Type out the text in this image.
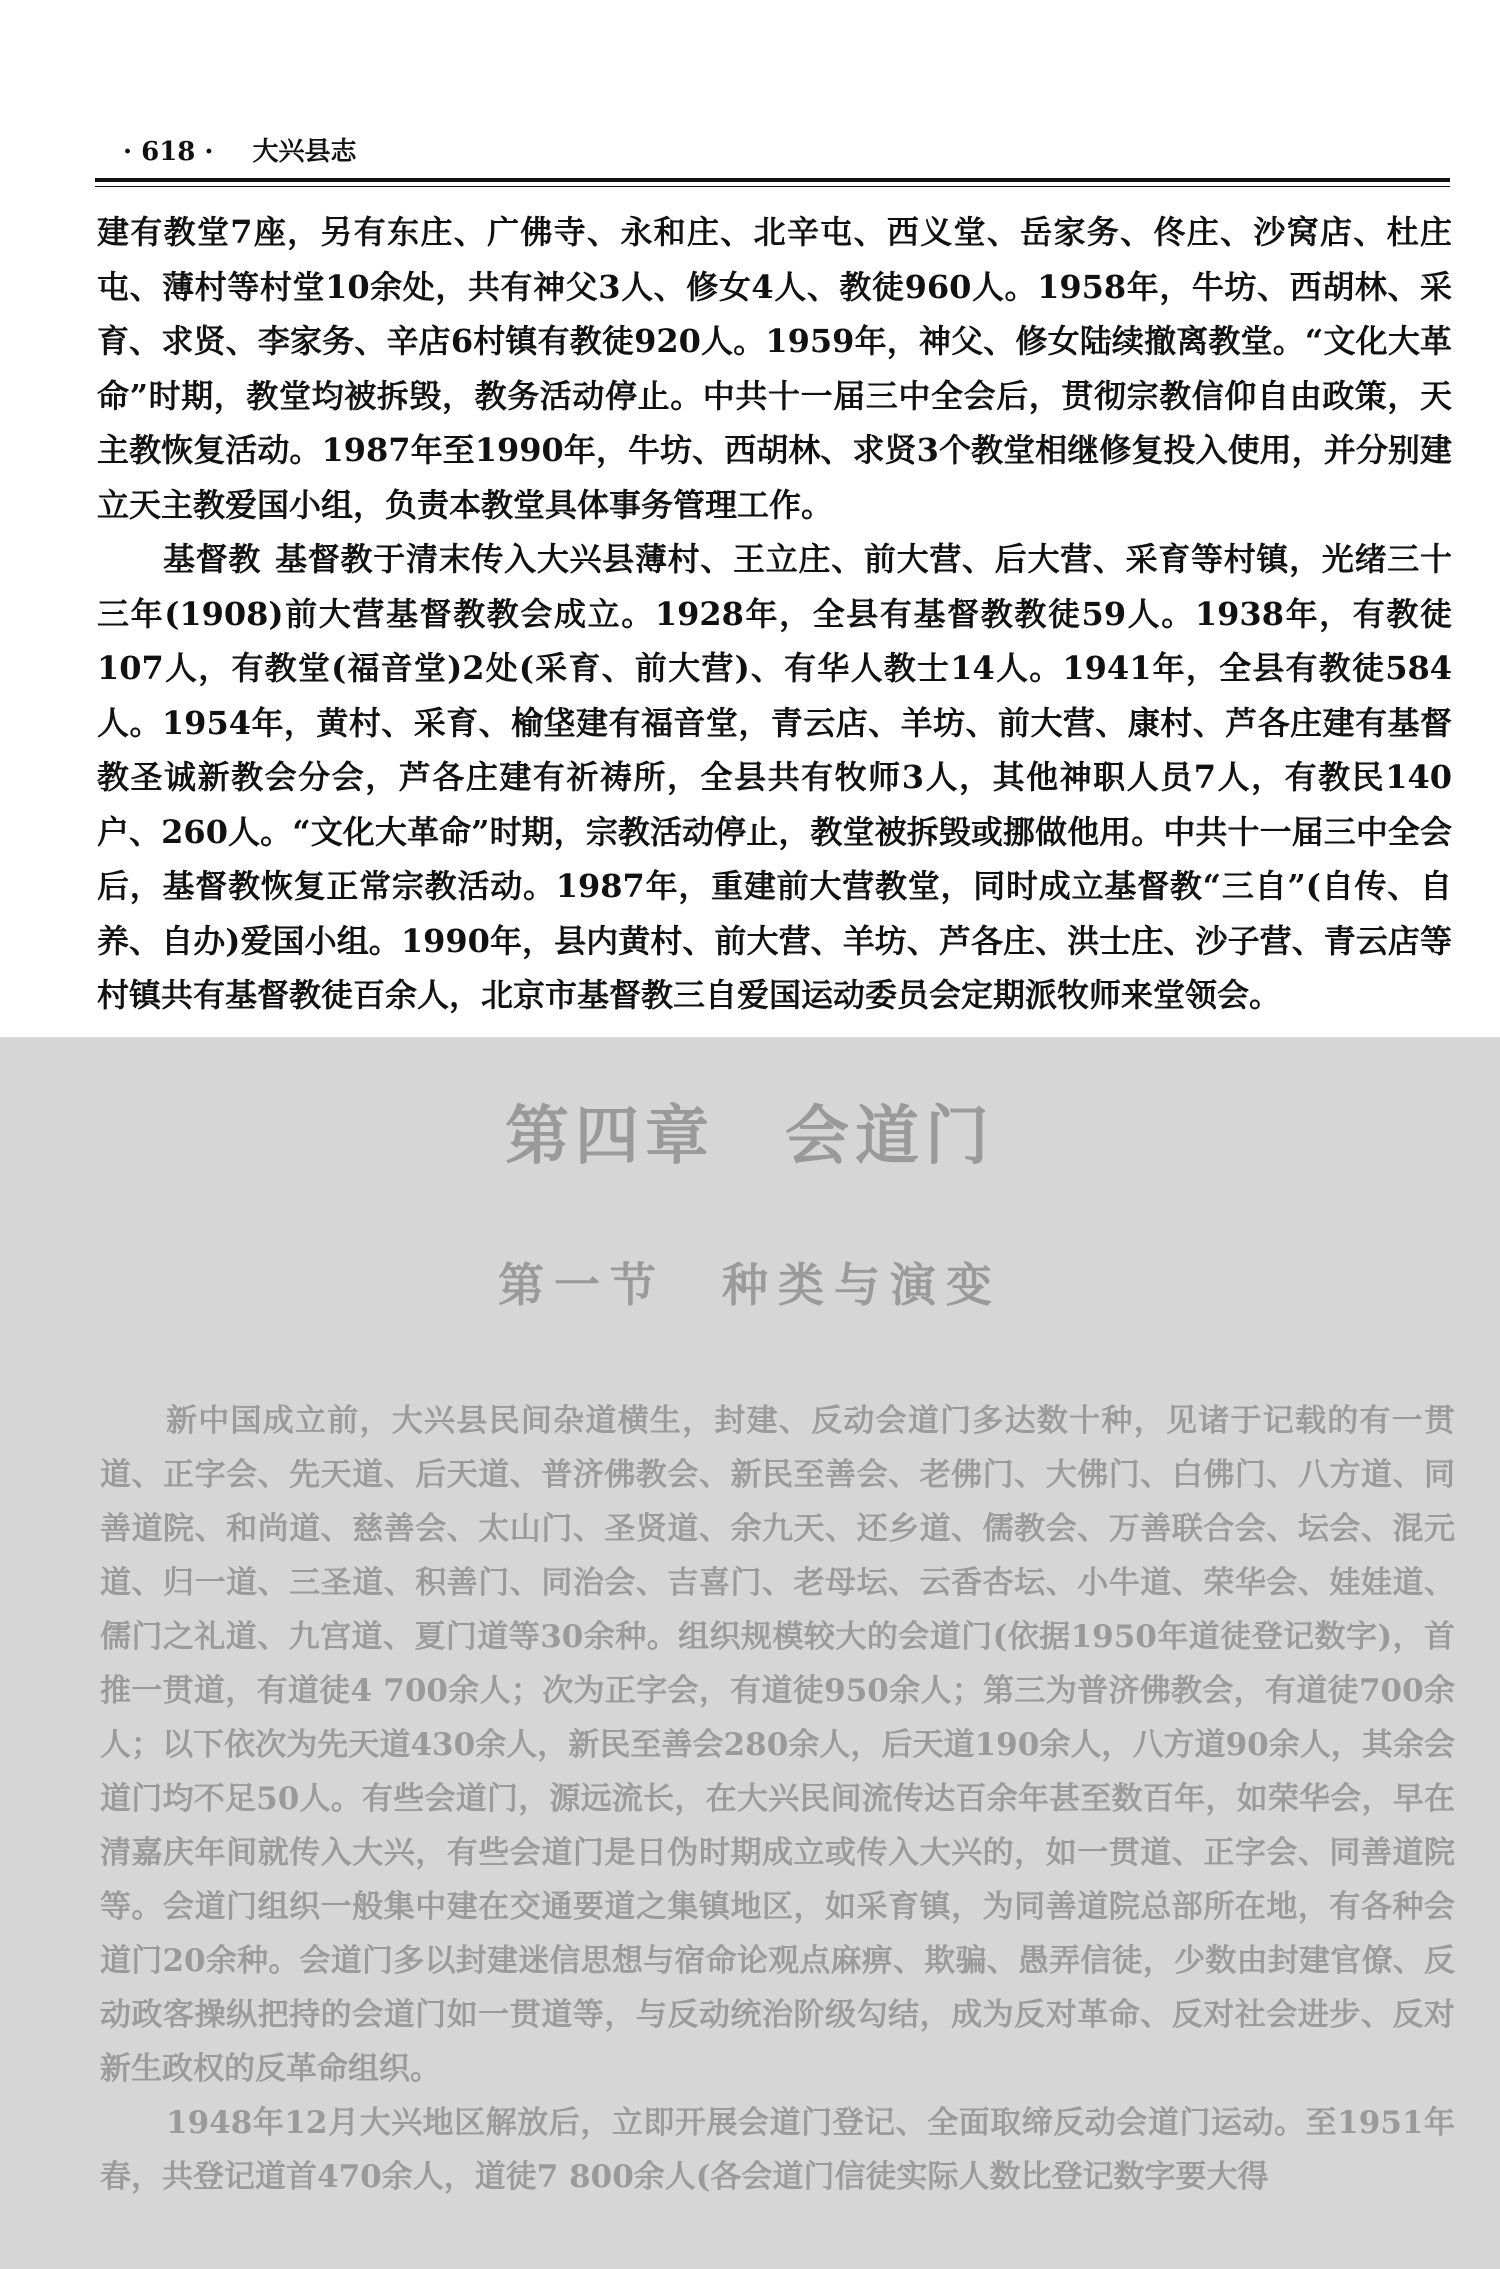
· 618 · 大兴县志

建有教堂7座，另有东庄、广佛寺、永和庄、北辛屯、西义堂、岳家务、佟庄、沙窝店、杜庄屯、薄村等村堂10余处，共有神父3人、修女4人、教徒960人。1958年，牛坊、西胡林、采育、求贤、李家务、辛店6村镇有教徒920人。1959年，神父、修女陆续撤离教堂。“文化大革命”时期，教堂均被拆毁，教务活动停止。中共十一届三中全会后，贯彻宗教信仰自由政策，天主教恢复活动。1987年至1990年，牛坊、西胡林、求贤3个教堂相继修复投入使用，并分别建立天主教爱国小组，负责本教堂具体事务管理工作。

基督教 基督教于清末传入大兴县薄村、王立庄、前大营、后大营、采育等村镇，光绪三十三年(1908)前大营基督教教会成立。1928年，全县有基督教教徒59人。1938年，有教徒107人，有教堂(福音堂)2处(采育、前大营)、有华人教士14人。1941年，全县有教徒584人。1954年，黄村、采育、榆垡建有福音堂，青云店、羊坊、前大营、康村、芦各庄建有基督教圣诚新教会分会，芦各庄建有祈祷所，全县共有牧师3人，其他神职人员7人，有教民140户、260人。“文化大革命”时期，宗教活动停止，教堂被拆毁或挪做他用。中共十一届三中全会后，基督教恢复正常宗教活动。1987年，重建前大营教堂，同时成立基督教“三自”(自传、自养、自办)爱国小组。1990年，县内黄村、前大营、羊坊、芦各庄、洪士庄、沙子营、青云店等村镇共有基督教徒百余人，北京市基督教三自爱国运动委员会定期派牧师来堂领会。

第四章　会道门
第一节　种类与演变

新中国成立前，大兴县民间杂道横生，封建、反动会道门多达数十种，见诸于记载的有一贯道、正字会、先天道、后天道、普济佛教会、新民至善会、老佛门、大佛门、白佛门、八方道、同善道院、和尚道、慈善会、太山门、圣贤道、余九天、还乡道、儒教会、万善联合会、坛会、混元道、归一道、三圣道、积善门、同治会、吉喜门、老母坛、云香杏坛、小牛道、荣华会、娃娃道、儒门之礼道、九宫道、夏门道等30余种。组织规模较大的会道门(依据1950年道徒登记数字)，首推一贯道，有道徒4 700余人；次为正字会，有道徒950余人；第三为普济佛教会，有道徒700余人；以下依次为先天道430余人，新民至善会280余人，后天道190余人，八方道90余人，其余会道门均不足50人。有些会道门，源远流长，在大兴民间流传达百余年甚至数百年，如荣华会，早在清嘉庆年间就传入大兴，有些会道门是日伪时期成立或传入大兴的，如一贯道、正字会、同善道院等。会道门组织一般集中建在交通要道之集镇地区，如采育镇，为同善道院总部所在地，有各种会道门20余种。会道门多以封建迷信思想与宿命论观点麻痹、欺骗、愚弄信徒，少数由封建官僚、反动政客操纵把持的会道门如一贯道等，与反动统治阶级勾结，成为反对革命、反对社会进步、反对新生政权的反革命组织。

1948年12月大兴地区解放后，立即开展会道门登记、全面取缔反动会道门运动。至1951年春，共登记道首470余人，道徒7 800余人(各会道门信徒实际人数比登记数字要大得
